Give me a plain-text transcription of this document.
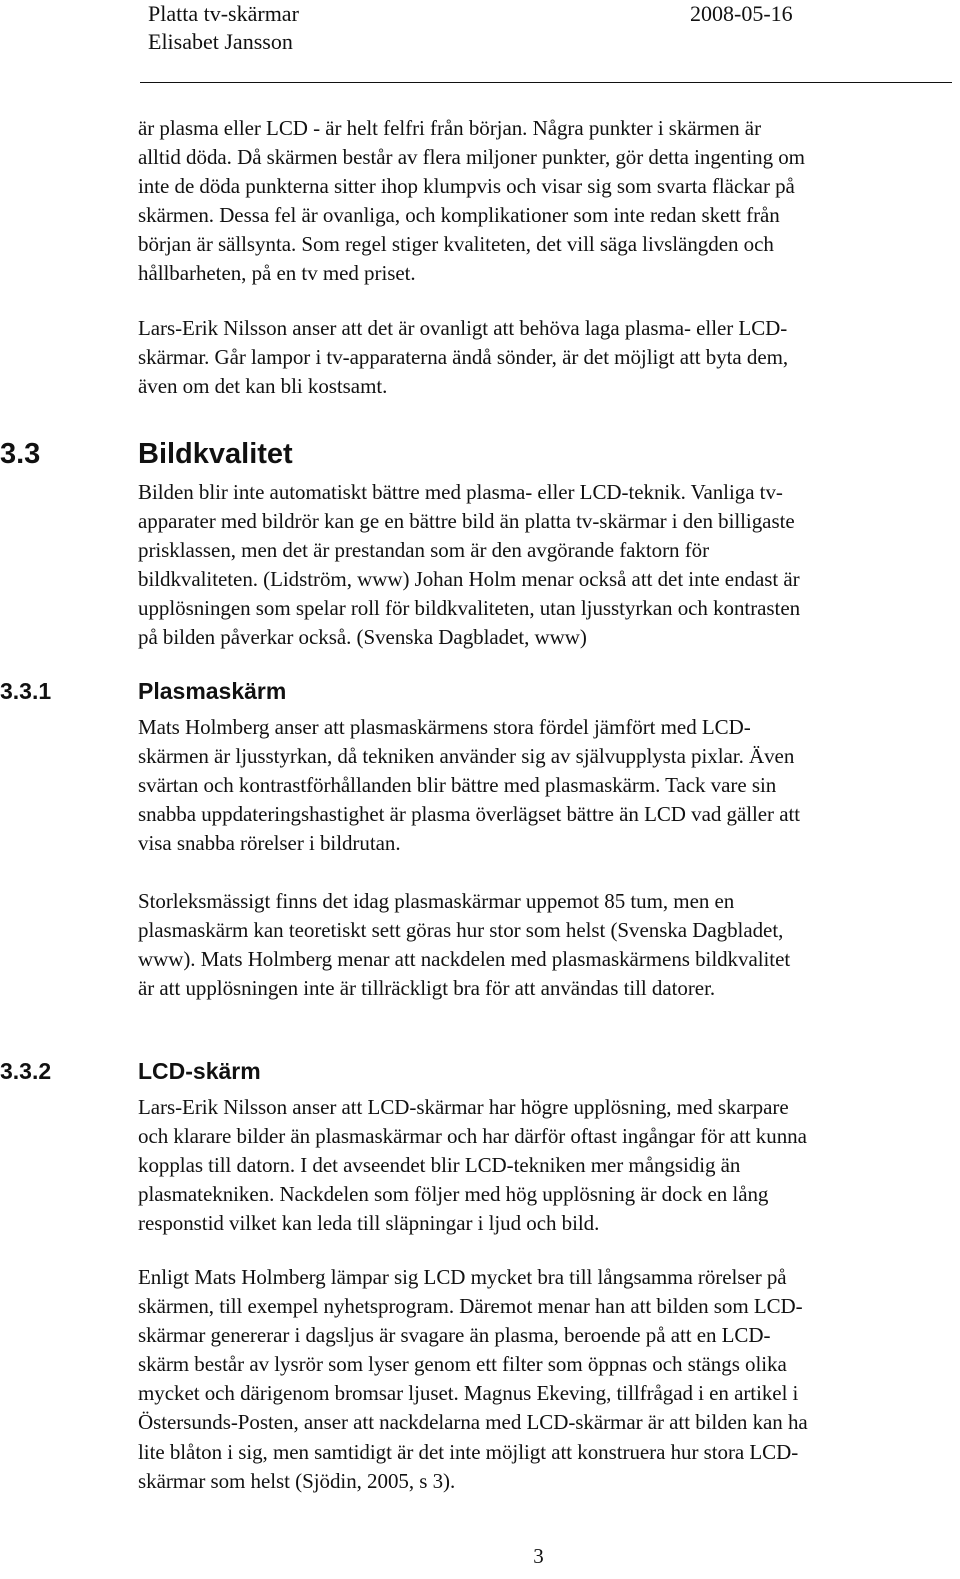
Platta tv-skärmar	2008-05-16
Elisabet Jansson

är plasma eller LCD - är helt felfri från början. Några punkter i skärmen är
alltid döda. Då skärmen består av flera miljoner punkter, gör detta ingenting om
inte de döda punkterna sitter ihop klumpvis och visar sig som svarta fläckar på
skärmen. Dessa fel är ovanliga, och komplikationer som inte redan skett från
början är sällsynta. Som regel stiger kvaliteten, det vill säga livslängden och
hållbarheten, på en tv med priset.

Lars-Erik Nilsson anser att det är ovanligt att behöva laga plasma- eller LCD-
skärmar. Går lampor i tv-apparaterna ändå sönder, är det möjligt att byta dem,
även om det kan bli kostsamt.

3.3	Bildkvalitet

Bilden blir inte automatiskt bättre med plasma- eller LCD-teknik. Vanliga tv-
apparater med bildrör kan ge en bättre bild än platta tv-skärmar i den billigaste
prisklassen, men det är prestandan som är den avgörande faktorn för
bildkvaliteten. (Lidström, www) Johan Holm menar också att det inte endast är
upplösningen som spelar roll för bildkvaliteten, utan ljusstyrkan och kontrasten
på bilden påverkar också. (Svenska Dagbladet, www)

3.3.1	Plasmaskärm

Mats Holmberg anser att plasmaskärmens stora fördel jämfört med LCD-
skärmen är ljusstyrkan, då tekniken använder sig av självupplysta pixlar. Även
svärtan och kontrastförhållanden blir bättre med plasmaskärm. Tack vare sin
snabba uppdateringshastighet är plasma överlägset bättre än LCD vad gäller att
visa snabba rörelser i bildrutan.

Storleksmässigt finns det idag plasmaskärmar uppemot 85 tum, men en
plasmaskärm kan teoretiskt sett göras hur stor som helst (Svenska Dagbladet,
www). Mats Holmberg menar att nackdelen med plasmaskärmens bildkvalitet
är att upplösningen inte är tillräckligt bra för att användas till datorer.

3.3.2	LCD-skärm

Lars-Erik Nilsson anser att LCD-skärmar har högre upplösning, med skarpare
och klarare bilder än plasmaskärmar och har därför oftast ingångar för att kunna
kopplas till datorn. I det avseendet blir LCD-tekniken mer mångsidig än
plasmatekniken. Nackdelen som följer med hög upplösning är dock en lång
responstid vilket kan leda till släpningar i ljud och bild.

Enligt Mats Holmberg lämpar sig LCD mycket bra till långsamma rörelser på
skärmen, till exempel nyhetsprogram. Däremot menar han att bilden som LCD-
skärmar genererar i dagsljus är svagare än plasma, beroende på att en LCD-
skärm består av lysrör som lyser genom ett filter som öppnas och stängs olika
mycket och därigenom bromsar ljuset. Magnus Ekeving, tillfrågad i en artikel i
Östersunds-Posten, anser att nackdelarna med LCD-skärmar är att bilden kan ha
lite blåton i sig, men samtidigt är det inte möjligt att konstruera hur stora LCD-
skärmar som helst (Sjödin, 2005, s 3).

3
